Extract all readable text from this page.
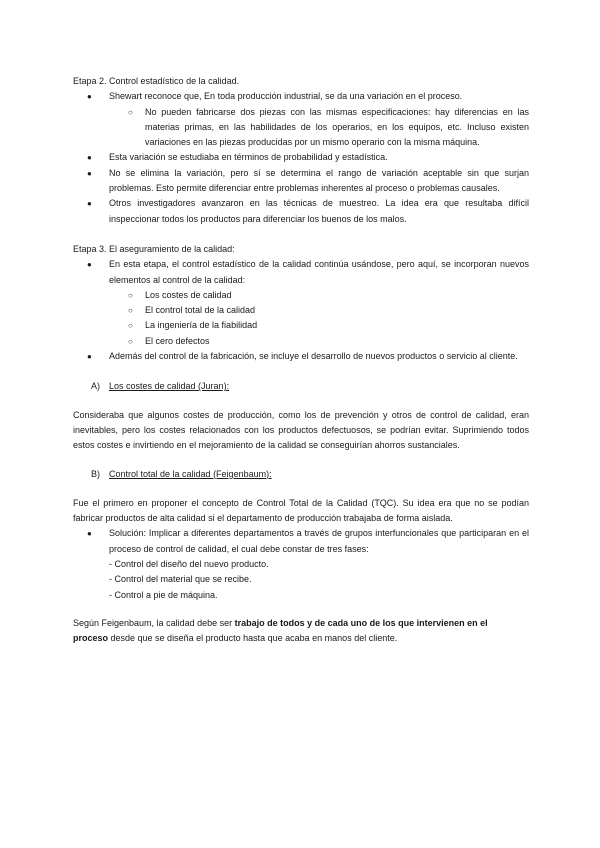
Etapa 2. Control estadístico de la calidad.

● Shewart reconoce que, En toda producción industrial, se da una variación en el proceso.
○ No pueden fabricarse dos piezas con las mismas especificaciones: hay diferencias en las materias primas, en las habilidades de los operarios, en los equipos, etc. Incluso existen variaciones en las piezas producidas por un mismo operario con la misma máquina.
● Esta variación se estudiaba en términos de probabilidad y estadística.
● No se elimina la variación, pero sí se determina el rango de variación aceptable sin que surjan problemas. Esto permite diferenciar entre problemas inherentes al proceso o problemas causales.
● Otros investigadores avanzaron en las técnicas de muestreo. La idea era que resultaba difícil inspeccionar todos los productos para diferenciar los buenos de los malos.

Etapa 3. El aseguramiento de la calidad:

● En esta etapa, el control estadístico de la calidad continúa usándose, pero aquí, se incorporan nuevos elementos al control de la calidad:
○ Los costes de calidad
○ El control total de la calidad
○ La ingeniería de la fiabilidad
○ El cero defectos
● Además del control de la fabricación, se incluye el desarrollo de nuevos productos o servicio al cliente.

A) Los costes de calidad (Juran):

Consideraba que algunos costes de producción, como los de prevención y otros de control de calidad, eran inevitables, pero los costes relacionados con los productos defectuosos, se podrían evitar. Suprimiendo todos estos costes e invirtiendo en el mejoramiento de la calidad se conseguirían ahorros sustanciales.

B) Control total de la calidad (Feigenbaum):

Fue el primero en proponer el concepto de Control Total de la Calidad (TQC). Su idea era que no se podían fabricar productos de alta calidad si el departamento de producción trabajaba de forma aislada.

● Solución: Implicar a diferentes departamentos a través de grupos interfuncionales que participaran en el proceso de control de calidad, el cual debe constar de tres fases:

- Control del diseño del nuevo producto.

- Control del material que se recibe.

- Control a pie de máquina.

Según Feigenbaum, la calidad debe ser trabajo de todos y de cada uno de los que intervienen en el
proceso desde que se diseña el producto hasta que acaba en manos del cliente.
